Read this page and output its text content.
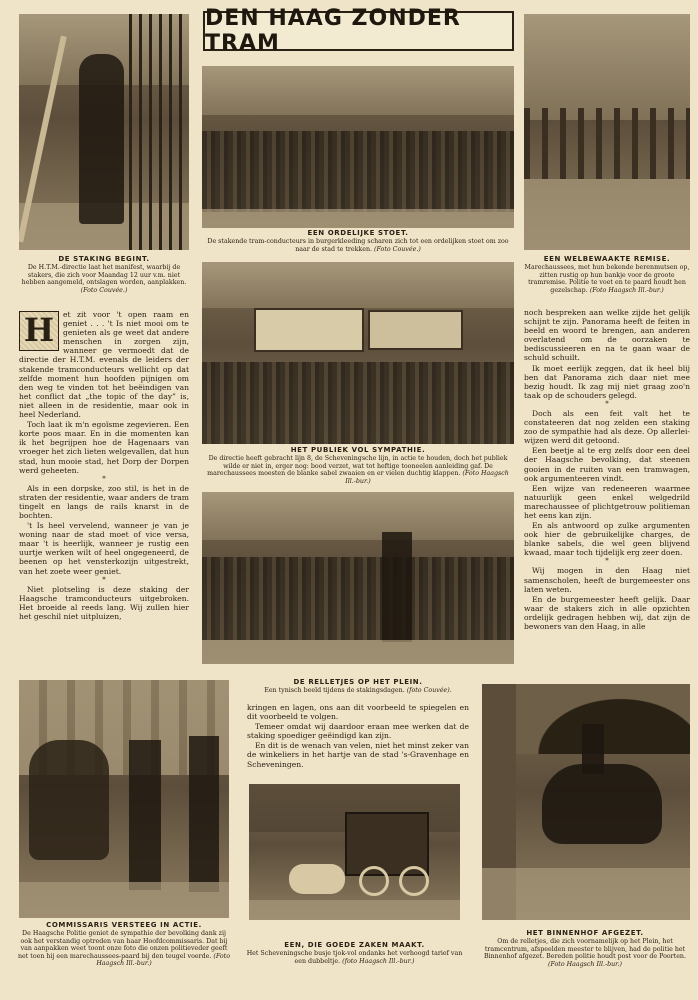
DEN HAAG ZONDER TRAM
DE STAKING BEGINT.
De H.T.M.-directie laat het manifest, waarbij de stakers, die zich voor Maandag 12 uur v.m. niet hebben aangemeld, ontslagen worden, aanplakken. (Foto Couvée.)
EEN ORDELIJKE STOET.
De stakende tram-conducteurs in burgerkleeding scharen zich tot een ordelijken stoet om zoo naar de stad te trekken. (Foto Couvée.)
EEN WELBEWAAKTE REMISE.
Marechaussees, met hun bekende berenmutsen op, zitten rustig op hun bankje voor de groote tramremise. Politie te voet en te paard houdt hen gezelschap. (Foto Haagsch Ill.-bur.)
HET PUBLIEK VOL SYMPATHIE.
De directie heeft gebracht lijn 8, de Scheveningsche lijn, in actie te houden, doch het publiek wilde er niet in, erger nog: bood verzet, wat tot heftige tooneelen aanleiding gaf. De marechaussees moesten de blanke sabel zwaaien en er vielen duchtig klappen. (Foto Haagsch Ill.-bur.)
DE RELLETJES OP HET PLEIN.
Een tynisch beeld tijdens de stakingsdagen. (foto Couvée).
H	et zit voor 't open raam en geniet . . . 't Is niet mooi om te genieten als ge weet dat andere menschen in zorgen zijn, wanneer ge vermoedt dat de directie der H.T.M. evenals de leiders der stakende tramconducteurs wellicht op dat zelfde moment hun hoofden pijnigen om den weg te vinden tot het beëindigen van het conflict dat „the topic of the day” is, niet alleen in de residentie, maar ook in heel Nederland.

Toch laat ik m'n egoïsme zegevieren. Een korte poos maar. En in die momenten kan ik het begrijpen hoe de Hagenaars van vroeger het zich lieten welgevallen, dat hun stad, hun mooie stad, het Dorp der Dorpen werd geheeten.

*

Als in een dorpske, zoo stil, is het in de straten der residentie, waar anders de tram tingelt en langs de rails knarst in de bochten.

't Is heel vervelend, wanneer je van je woning naar de stad moet of vice versa, maar 't is heerlijk, wanneer je rustig een uurtje werken wilt of heel ongegeneerd, de beenen op het vensterkozijn uitgestrekt, van het zoete weer geniet.

*

Niet plotseling is deze staking der Haagsche tramconducteurs uitgebroken. Het broeide al reeds lang. Wij zullen hier het geschil niet uitpluizen,

noch bespreken aan welke zijde het gelijk schijnt te zijn. Panorama heeft de feiten in beeld en woord te brengen, aan anderen overlatend om de oorzaken te bediscussieeren en na te gaan waar de schuld schuilt.

Ik moet eerlijk zeggen, dat ik heel blij ben dat Panorama zich daar niet mee bezig houdt. Ik zag mij niet graag zoo'n taak op de schouders gelegd.

*

Doch als een feit valt het te constateeren dat nog zelden een staking zoo de sympathie had als deze. Op allerlei-wijzen werd dit getoond.

Een beetje al te erg zelfs door een deel der Haagsche bevolking, dat steenen gooien in de ruiten van een tramwagen, ook argumenteeren vindt.

Een wijze van redeneeren waarmee natuurlijk geen enkel welgedrild marechaussee of plichtgetrouw politieman het eens kan zijn.

En als antwoord op zulke argumenten ook hier de gebruikelijke charges, de blanke sabels, die wel geen blijvend kwaad, maar toch tijdelijk erg zeer doen.

*

Wij mogen in den Haag niet samenscholen, heeft de burgemeester ons laten weten.

En de burgemeester heeft gelijk. Daar waar de stakers zich in alle opzichten ordelijk gedragen hebben wij, dat zijn de bewoners van den Haag, in alle

kringen en lagen, ons aan dit voorbeeld te spiegelen en dit voorbeeld te volgen.

Temeer omdat wij daardoor eraan mee werken dat de staking spoediger geëindigd kan zijn.

En dit is de wenach van velen, niet het minst zeker van de winkeliers in het hartje van de stad 's-Gravenhage en Scheveningen.

COMMISSARIS VERSTEEG IN ACTIE.
De Haagsche Politie geniet de sympathie der bevolking dank zij ook het verstandig optreden van haar Hoofdcommissaris. Dat bij van aanpakken weet toont onze foto die onzen politieveder geeft net toen hij een marechaussees-paard bij den teugel voerde. (Foto Haagsch Ill.-bur.)
EEN, DIE GOEDE ZAKEN MAAKT.
Het Scheveningsche busje tjok-vol ondanks het verhoogd tarief van een dubbeltje. (foto Haagsch Ill.-bur.)
HET BINNENHOF AFGEZET.
Om de relletjes, die zich voornamelijk op het Plein, het tramcentrum, afspeelden meester te blijven, had de politie het Binnenhof afgezet. Bereden politie houdt post voor de Poorten. (Foto Haagsch Ill.-bur.)
